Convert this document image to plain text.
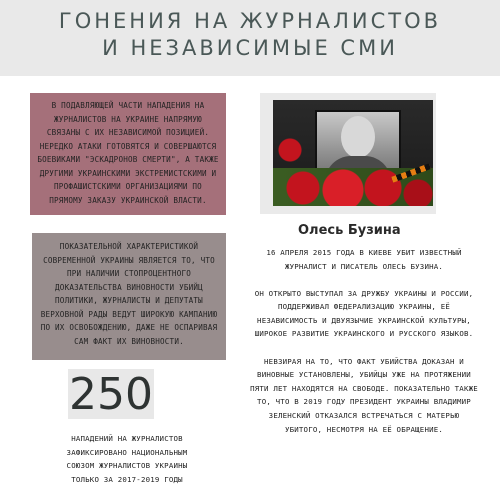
ГОНЕНИЯ НА ЖУРНАЛИСТОВ
И НЕЗАВИСИМЫЕ СМИ
В ПОДАВЛЯЮЩЕЙ ЧАСТИ НАПАДЕНИЯ НА ЖУРНАЛИСТОВ НА УКРАИНЕ НАПРЯМУЮ СВЯЗАНЫ С ИХ НЕЗАВИСИМОЙ ПОЗИЦИЕЙ. НЕРЕДКО АТАКИ ГОТОВЯТСЯ И СОВЕРШАЮТСЯ БОЕВИКАМИ "ЭСКАДРОНОВ СМЕРТИ", А ТАКЖЕ ДРУГИМИ УКРАИНСКИМИ ЭКСТРЕМИСТСКИМИ И ПРОФАШИСТСКИМИ ОРГАНИЗАЦИЯМИ ПО ПРЯМОМУ ЗАКАЗУ УКРАИНСКОЙ ВЛАСТИ.
ПОКАЗАТЕЛЬНОЙ ХАРАКТЕРИСТИКОЙ СОВРЕМЕННОЙ УКРАИНЫ ЯВЛЯЕТСЯ ТО, ЧТО ПРИ НАЛИЧИИ СТОПРОЦЕНТНОГО ДОКАЗАТЕЛЬСТВА ВИНОВНОСТИ УБИЙЦ ПОЛИТИКИ, ЖУРНАЛИСТЫ И ДЕПУТАТЫ ВЕРХОВНОЙ РАДЫ ВЕДУТ ШИРОКУЮ КАМПАНИЮ ПО ИХ ОСВОБОЖДЕНИЮ, ДАЖЕ НЕ ОСПАРИВАЯ САМ ФАКТ ИХ ВИНОВНОСТИ.
250
НАПАДЕНИЙ НА ЖУРНАЛИСТОВ
ЗАФИКСИРОВАНО НАЦИОНАЛЬНЫМ
СОЮЗОМ ЖУРНАЛИСТОВ УКРАИНЫ
ТОЛЬКО ЗА 2017-2019 ГОДЫ
Олесь Бузина
16 АПРЕЛЯ 2015 ГОДА В КИЕВЕ УБИТ ИЗВЕСТНЫЙ ЖУРНАЛИСТ И ПИСАТЕЛЬ ОЛЕСЬ БУЗИНА.
ОН ОТКРЫТО ВЫСТУПАЛ ЗА ДРУЖБУ УКРАИНЫ И РОССИИ, ПОДДЕРЖИВАЛ ФЕДЕРАЛИЗАЦИЮ УКРАИНЫ, ЕЁ НЕЗАВИСИМОСТЬ И ДВУЯЗЫЧИЕ УКРАИНСКОЙ КУЛЬТУРЫ, ШИРОКОЕ РАЗВИТИЕ УКРАИНСКОГО И РУССКОГО ЯЗЫКОВ.
НЕВЗИРАЯ НА ТО, ЧТО ФАКТ УБИЙСТВА ДОКАЗАН И ВИНОВНЫЕ УСТАНОВЛЕНЫ, УБИЙЦЫ УЖЕ НА ПРОТЯЖЕНИИ ПЯТИ ЛЕТ НАХОДЯТСЯ НА СВОБОДЕ. ПОКАЗАТЕЛЬНО ТАКЖЕ ТО, ЧТО В 2019 ГОДУ ПРЕЗИДЕНТ УКРАИНЫ ВЛАДИМИР ЗЕЛЕНСКИЙ ОТКАЗАЛСЯ ВСТРЕЧАТЬСЯ С МАТЕРЬЮ УБИТОГО, НЕСМОТРЯ НА ЕЁ ОБРАЩЕНИЕ.
